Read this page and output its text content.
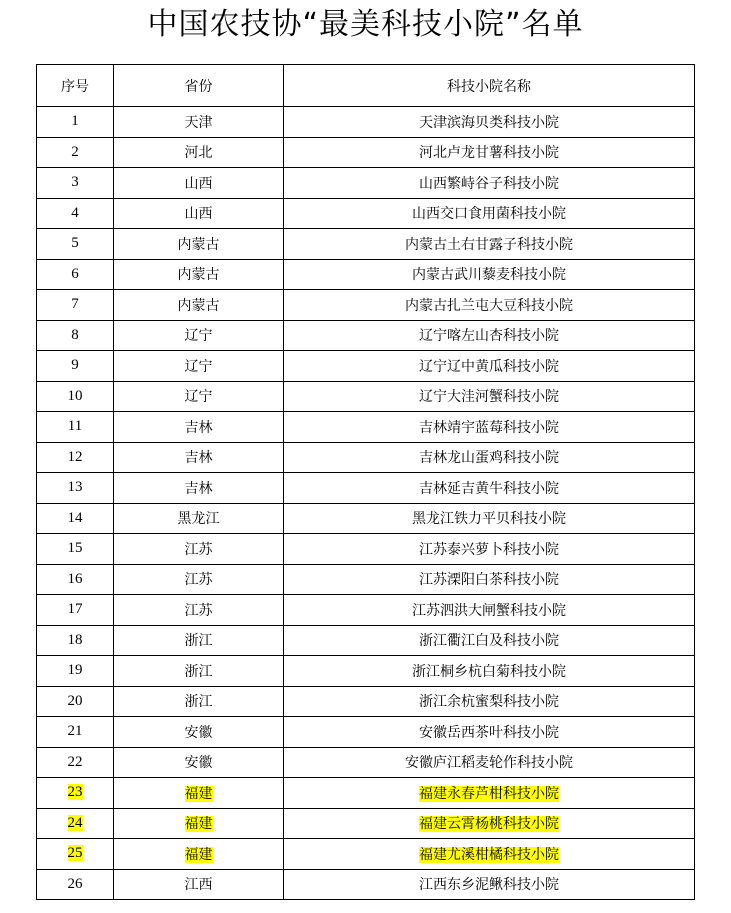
中国农技协“最美科技小院”名单
序号	省份	科技小院名称
1	天津	天津滨海贝类科技小院
2	河北	河北卢龙甘薯科技小院
3	山西	山西繁峙谷子科技小院
4	山西	山西交口食用菌科技小院
5	内蒙古	内蒙古土右甘露子科技小院
6	内蒙古	内蒙古武川藜麦科技小院
7	内蒙古	内蒙古扎兰屯大豆科技小院
8	辽宁	辽宁喀左山杏科技小院
9	辽宁	辽宁辽中黄瓜科技小院
10	辽宁	辽宁大洼河蟹科技小院
11	吉林	吉林靖宇蓝莓科技小院
12	吉林	吉林龙山蛋鸡科技小院
13	吉林	吉林延吉黄牛科技小院
14	黑龙江	黑龙江铁力平贝科技小院
15	江苏	江苏泰兴萝卜科技小院
16	江苏	江苏溧阳白茶科技小院
17	江苏	江苏泗洪大闸蟹科技小院
18	浙江	浙江衢江白及科技小院
19	浙江	浙江桐乡杭白菊科技小院
20	浙江	浙江余杭蜜梨科技小院
21	安徽	安徽岳西茶叶科技小院
22	安徽	安徽庐江稻麦轮作科技小院
23	福建	福建永春芦柑科技小院
24	福建	福建云霄杨桃科技小院
25	福建	福建尤溪柑橘科技小院
26	江西	江西东乡泥鳅科技小院
